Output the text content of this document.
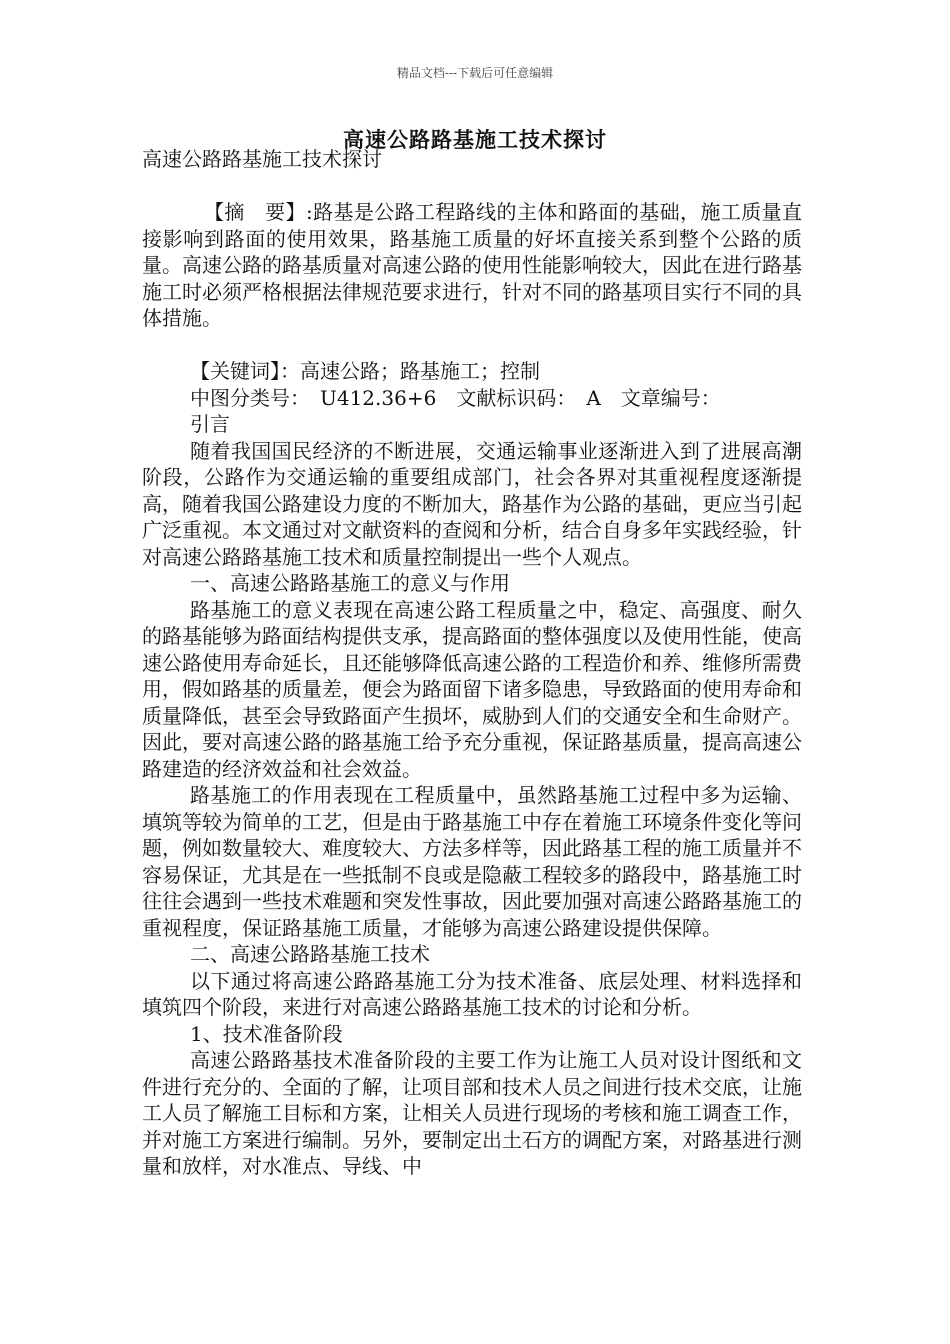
精品文档---下载后可任意编辑
高速公路路基施工技术探讨

高速公路路基施工技术探讨

【摘　要】:路基是公路工程路线的主体和路面的基础，施工质量直接影响到路面的使用效果，路基施工质量的好坏直接关系到整个公路的质量。高速公路的路基质量对高速公路的使用性能影响较大，因此在进行路基施工时必须严格根据法律规范要求进行，针对不同的路基项目实行不同的具体措施。

【关键词】：高速公路；路基施工；控制

中图分类号：　U412.36+6　文献标识码：　A　文章编号：

引言

随着我国国民经济的不断进展，交通运输事业逐渐进入到了进展高潮阶段，公路作为交通运输的重要组成部门，社会各界对其重视程度逐渐提高，随着我国公路建设力度的不断加大，路基作为公路的基础，更应当引起广泛重视。本文通过对文献资料的查阅和分析，结合自身多年实践经验，针对高速公路路基施工技术和质量控制提出一些个人观点。

一、高速公路路基施工的意义与作用

路基施工的意义表现在高速公路工程质量之中，稳定、高强度、耐久的路基能够为路面结构提供支承，提高路面的整体强度以及使用性能，使高速公路使用寿命延长，且还能够降低高速公路的工程造价和养、维修所需费用，假如路基的质量差，便会为路面留下诸多隐患，导致路面的使用寿命和质量降低，甚至会导致路面产生损坏，威胁到人们的交通安全和生命财产。因此，要对高速公路的路基施工给予充分重视，保证路基质量，提高高速公路建造的经济效益和社会效益。

路基施工的作用表现在工程质量中，虽然路基施工过程中多为运输、填筑等较为简单的工艺，但是由于路基施工中存在着施工环境条件变化等问题，例如数量较大、难度较大、方法多样等，因此路基工程的施工质量并不容易保证，尤其是在一些抵制不良或是隐蔽工程较多的路段中，路基施工时往往会遇到一些技术难题和突发性事故，因此要加强对高速公路路基施工的重视程度，保证路基施工质量，才能够为高速公路建设提供保障。

二、高速公路路基施工技术

以下通过将高速公路路基施工分为技术准备、底层处理、材料选择和填筑四个阶段，来进行对高速公路路基施工技术的讨论和分析。

1、技术准备阶段

高速公路路基技术准备阶段的主要工作为让施工人员对设计图纸和文件进行充分的、全面的了解，让项目部和技术人员之间进行技术交底，让施工人员了解施工目标和方案，让相关人员进行现场的考核和施工调查工作，并对施工方案进行编制。另外，要制定出土石方的调配方案，对路基进行测量和放样，对水准点、导线、中
